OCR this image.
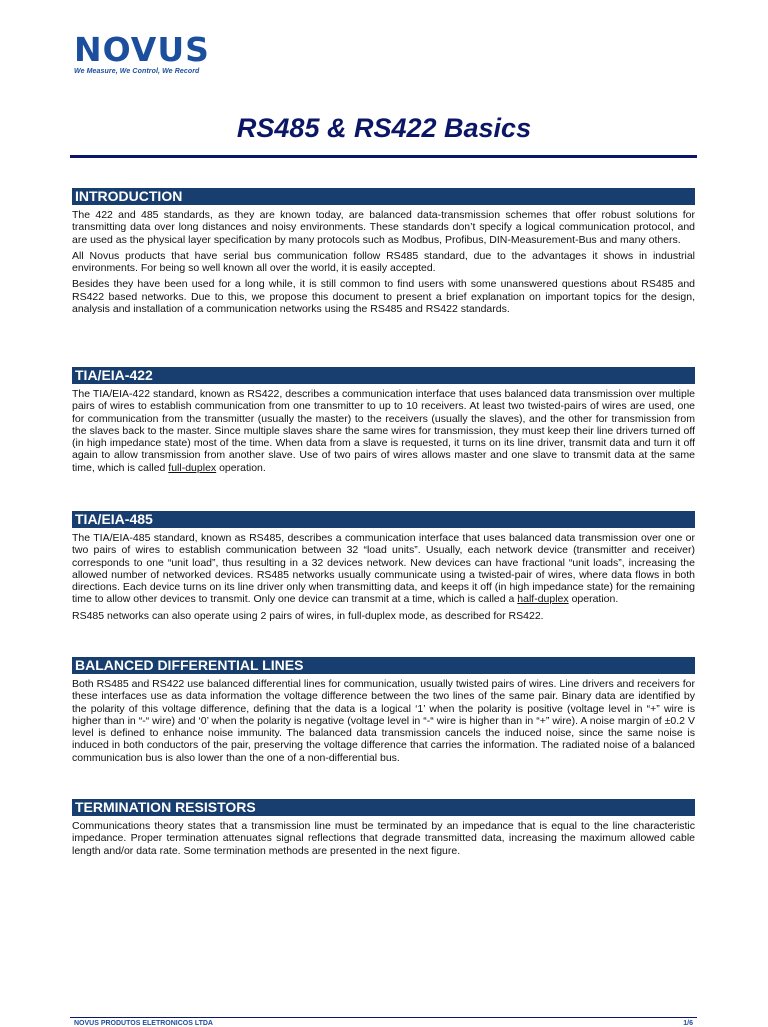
NOVUS
We Measure, We Control, We Record
RS485 & RS422 Basics
INTRODUCTION

The 422 and 485 standards, as they are known today, are balanced data-transmission schemes that offer robust solutions for transmitting data over long distances and noisy environments. These standards don’t specify a logical communication protocol, and are used as the physical layer specification by many protocols such as Modbus, Profibus, DIN-Measurement-Bus and many others.

All Novus products that have serial bus communication follow RS485 standard, due to the advantages it shows in industrial environments. For being so well known all over the world, it is easily accepted.

Besides they have been used for a long while, it is still common to find users with some unanswered questions about RS485 and RS422 based networks. Due to this, we propose this document to present a brief explanation on important topics for the design, analysis and installation of a communication networks using the RS485 and RS422 standards.

TIA/EIA-422

The TIA/EIA-422 standard, known as RS422, describes a communication interface that uses balanced data transmission over multiple pairs of wires to establish communication from one transmitter to up to 10 receivers. At least two twisted-pairs of wires are used, one for communication from the transmitter (usually the master) to the receivers (usually the slaves), and the other for transmission from the slaves back to the master. Since multiple slaves share the same wires for transmission, they must keep their line drivers turned off (in high impedance state) most of the time. When data from a slave is requested, it turns on its line driver, transmit data and turn it off again to allow transmission from another slave. Use of two pairs of wires allows master and one slave to transmit data at the same time, which is called full-duplex operation.

TIA/EIA-485

The TIA/EIA-485 standard, known as RS485, describes a communication interface that uses balanced data transmission over one or two pairs of wires to establish communication between 32 “load units”. Usually, each network device (transmitter and receiver) corresponds to one “unit load”, thus resulting in a 32 devices network. New devices can have fractional “unit loads”, increasing the allowed number of networked devices. RS485 networks usually communicate using a twisted-pair of wires, where data flows in both directions. Each device turns on its line driver only when transmitting data, and keeps it off (in high impedance state) for the remaining time to allow other devices to transmit. Only one device can transmit at a time, which is called a half-duplex operation.

RS485 networks can also operate using 2 pairs of wires, in full-duplex mode, as described for RS422.

BALANCED DIFFERENTIAL LINES

Both RS485 and RS422 use balanced differential lines for communication, usually twisted pairs of wires. Line drivers and receivers for these interfaces use as data information the voltage difference between the two lines of the same pair. Binary data are identified by the polarity of this voltage difference, defining that the data is a logical ‘1’ when the polarity is positive (voltage level in “+” wire is higher than in “-“ wire) and ‘0’ when the polarity is negative (voltage level in “-“ wire is higher than in “+” wire). A noise margin of ±0.2 V level is defined to enhance noise immunity. The balanced data transmission cancels the induced noise, since the same noise is induced in both conductors of the pair, preserving the voltage difference that carries the information. The radiated noise of a balanced communication bus is also lower than the one of a non-differential bus.

TERMINATION RESISTORS

Communications theory states that a transmission line must be terminated by an impedance that is equal to the line characteristic impedance. Proper termination attenuates signal reflections that degrade transmitted data, increasing the maximum allowed cable length and/or data rate. Some termination methods are presented in the next figure.

NOVUS PRODUTOS ELETRONICOS LTDA	1/6
